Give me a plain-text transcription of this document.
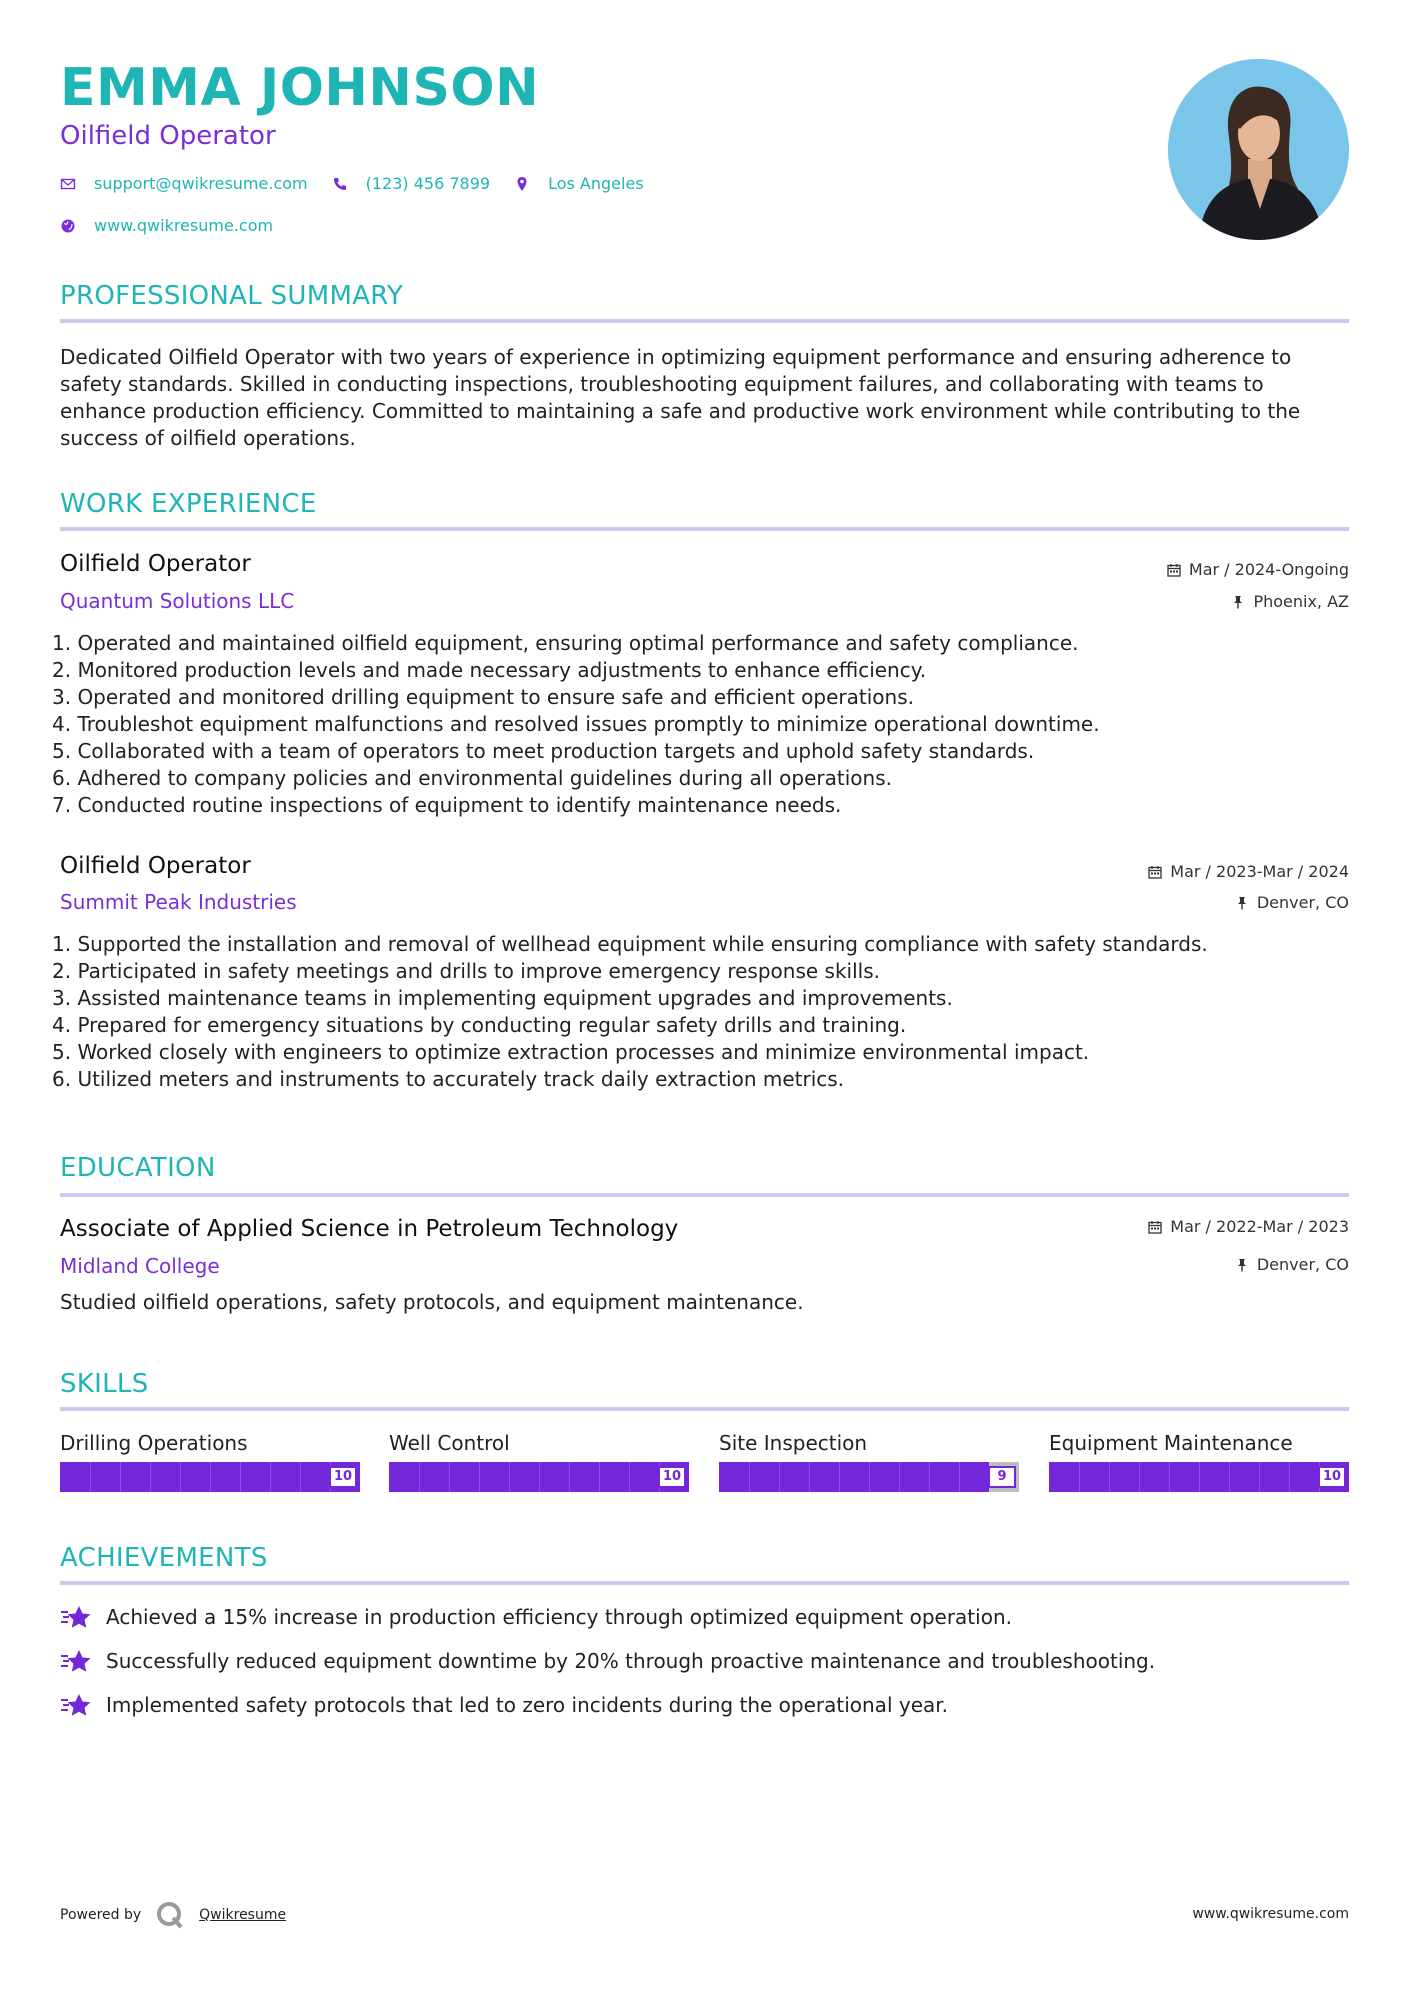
EMMA JOHNSON
Oilfield Operator
support@qwikresume.com	(123) 456 7899	Los Angeles
www.qwikresume.com
PROFESSIONAL SUMMARY
Dedicated Oilfield Operator with two years of experience in optimizing equipment performance and ensuring adherence to safety standards. Skilled in conducting inspections, troubleshooting equipment failures, and collaborating with teams to enhance production efficiency. Committed to maintaining a safe and productive work environment while contributing to the success of oilfield operations.
WORK EXPERIENCE
Oilfield Operator	Mar / 2024-Ongoing
Quantum Solutions LLC	Phoenix, AZ
1. Operated and maintained oilfield equipment, ensuring optimal performance and safety compliance.
2. Monitored production levels and made necessary adjustments to enhance efficiency.
3. Operated and monitored drilling equipment to ensure safe and efficient operations.
4. Troubleshot equipment malfunctions and resolved issues promptly to minimize operational downtime.
5. Collaborated with a team of operators to meet production targets and uphold safety standards.
6. Adhered to company policies and environmental guidelines during all operations.
7. Conducted routine inspections of equipment to identify maintenance needs.
Oilfield Operator	Mar / 2023-Mar / 2024
Summit Peak Industries	Denver, CO
1. Supported the installation and removal of wellhead equipment while ensuring compliance with safety standards.
2. Participated in safety meetings and drills to improve emergency response skills.
3. Assisted maintenance teams in implementing equipment upgrades and improvements.
4. Prepared for emergency situations by conducting regular safety drills and training.
5. Worked closely with engineers to optimize extraction processes and minimize environmental impact.
6. Utilized meters and instruments to accurately track daily extraction metrics.
EDUCATION
Associate of Applied Science in Petroleum Technology	Mar / 2022-Mar / 2023
Midland College	Denver, CO
Studied oilfield operations, safety protocols, and equipment maintenance.
SKILLS
Drilling Operations
10
Well Control
10
Site Inspection
9
Equipment Maintenance
10
ACHIEVEMENTS
Achieved a 15% increase in production efficiency through optimized equipment operation.
Successfully reduced equipment downtime by 20% through proactive maintenance and troubleshooting.
Implemented safety protocols that led to zero incidents during the operational year.
Powered by	Qwikresume	www.qwikresume.com
